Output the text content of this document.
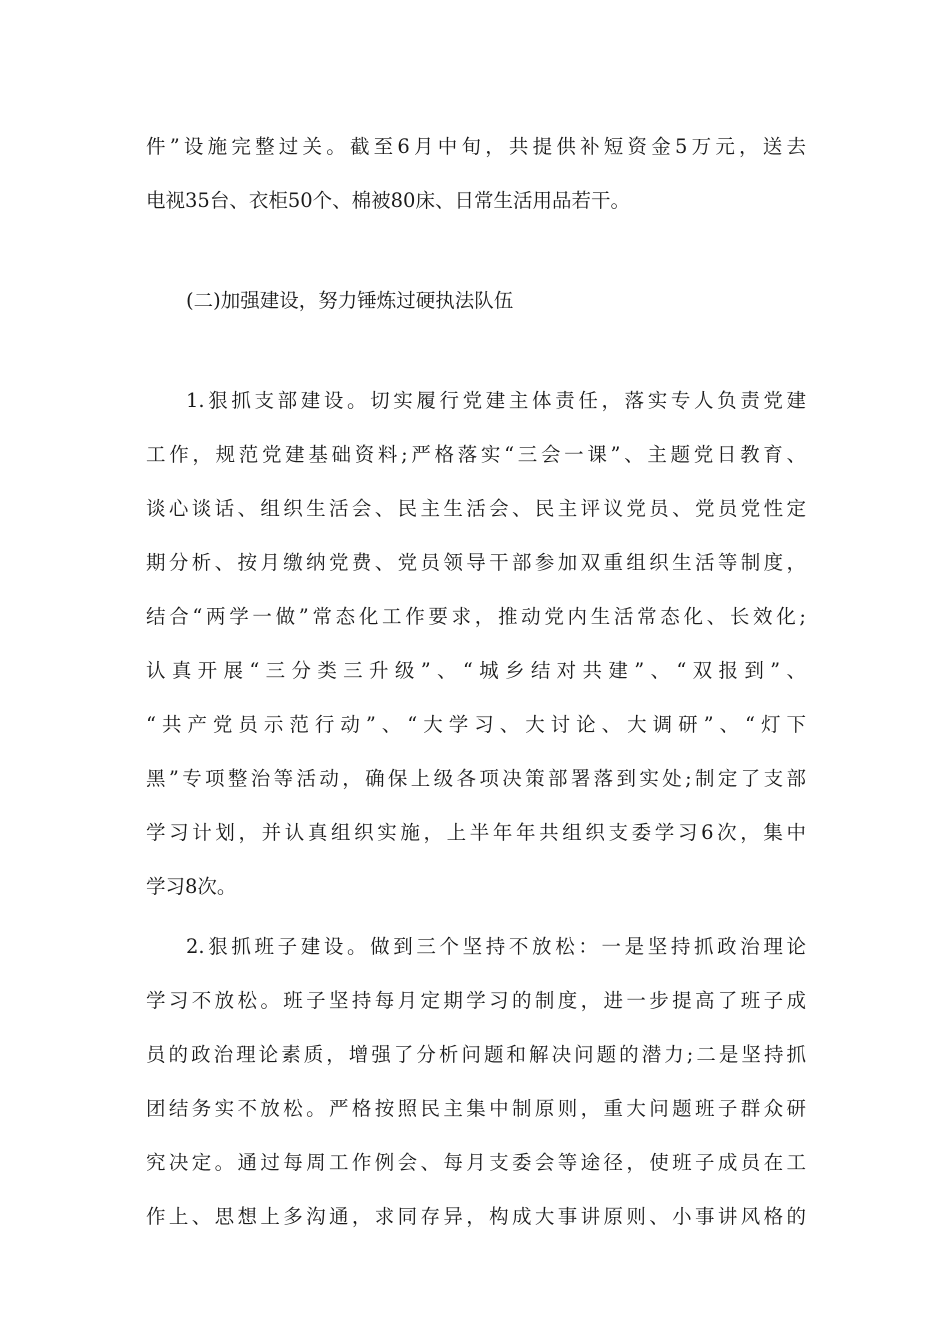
件”设施完整过关。截至6月中旬，共提供补短资金5万元，送去
电视35台、衣柜50个、棉被80床、日常生活用品若干。
(二)加强建设，努力锤炼过硬执法队伍
1.狠抓支部建设。切实履行党建主体责任，落实专人负责党建
工作，规范党建基础资料;严格落实“三会一课”、主题党日教育、
谈心谈话、组织生活会、民主生活会、民主评议党员、党员党性定
期分析、按月缴纳党费、党员领导干部参加双重组织生活等制度，
结合“两学一做”常态化工作要求，推动党内生活常态化、长效化;
认真开展“三分类三升级”、“城乡结对共建”、“双报到”、
“共产党员示范行动”、“大学习、大讨论、大调研”、“灯下
黑”专项整治等活动，确保上级各项决策部署落到实处;制定了支部
学习计划，并认真组织实施，上半年年共组织支委学习6次，集中
学习8次。
2.狠抓班子建设。做到三个坚持不放松：一是坚持抓政治理论
学习不放松。班子坚持每月定期学习的制度，进一步提高了班子成
员的政治理论素质，增强了分析问题和解决问题的潜力;二是坚持抓
团结务实不放松。严格按照民主集中制原则，重大问题班子群众研
究决定。通过每周工作例会、每月支委会等途径，使班子成员在工
作上、思想上多沟通，求同存异，构成大事讲原则、小事讲风格的
